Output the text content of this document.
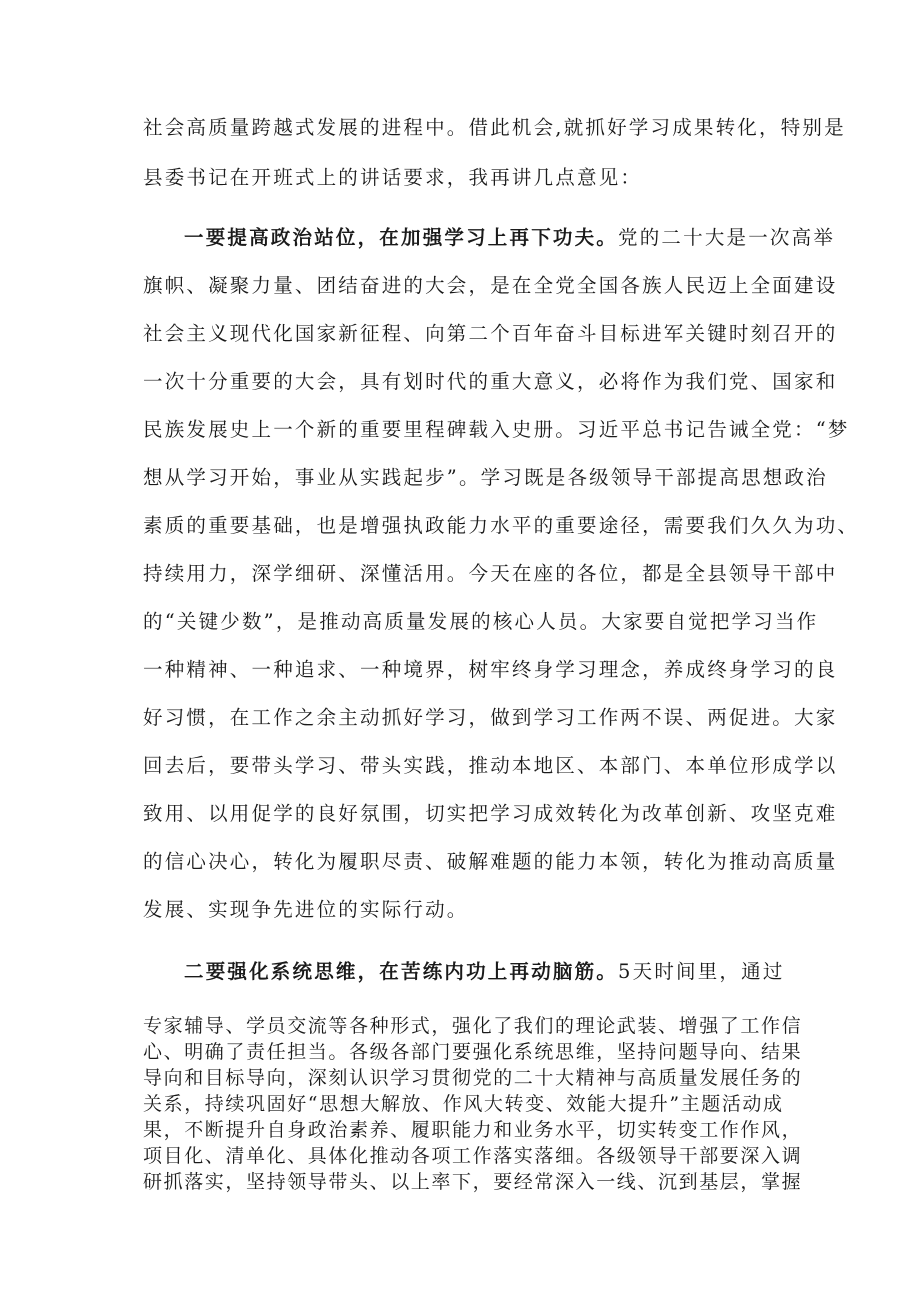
社会高质量跨越式发展的进程中。借此机会,就抓好学习成果转化，特别是
县委书记在开班式上的讲话要求，我再讲几点意见：
一要提高政治站位，在加强学习上再下功夫。党的二十大是一次高举
旗帜、凝聚力量、团结奋进的大会，是在全党全国各族人民迈上全面建设
社会主义现代化国家新征程、向第二个百年奋斗目标进军关键时刻召开的
一次十分重要的大会，具有划时代的重大意义，必将作为我们党、国家和
民族发展史上一个新的重要里程碑载入史册。习近平总书记告诫全党：“梦
想从学习开始，事业从实践起步”。学习既是各级领导干部提高思想政治
素质的重要基础，也是增强执政能力水平的重要途径，需要我们久久为功、
持续用力，深学细研、深懂活用。今天在座的各位，都是全县领导干部中
的“关键少数”，是推动高质量发展的核心人员。大家要自觉把学习当作
一种精神、一种追求、一种境界，树牢终身学习理念，养成终身学习的良
好习惯，在工作之余主动抓好学习，做到学习工作两不误、两促进。大家
回去后，要带头学习、带头实践，推动本地区、本部门、本单位形成学以
致用、以用促学的良好氛围，切实把学习成效转化为改革创新、攻坚克难
的信心决心，转化为履职尽责、破解难题的能力本领，转化为推动高质量
发展、实现争先进位的实际行动。
二要强化系统思维，在苦练内功上再动脑筋。5天时间里，通过
专家辅导、学员交流等各种形式，强化了我们的理论武装、增强了工作信
心、明确了责任担当。各级各部门要强化系统思维，坚持问题导向、结果
导向和目标导向，深刻认识学习贯彻党的二十大精神与高质量发展任务的
关系，持续巩固好“思想大解放、作风大转变、效能大提升”主题活动成
果，不断提升自身政治素养、履职能力和业务水平，切实转变工作作风，
项目化、清单化、具体化推动各项工作落实落细。各级领导干部要深入调
研抓落实，坚持领导带头、以上率下，要经常深入一线、沉到基层，掌握
